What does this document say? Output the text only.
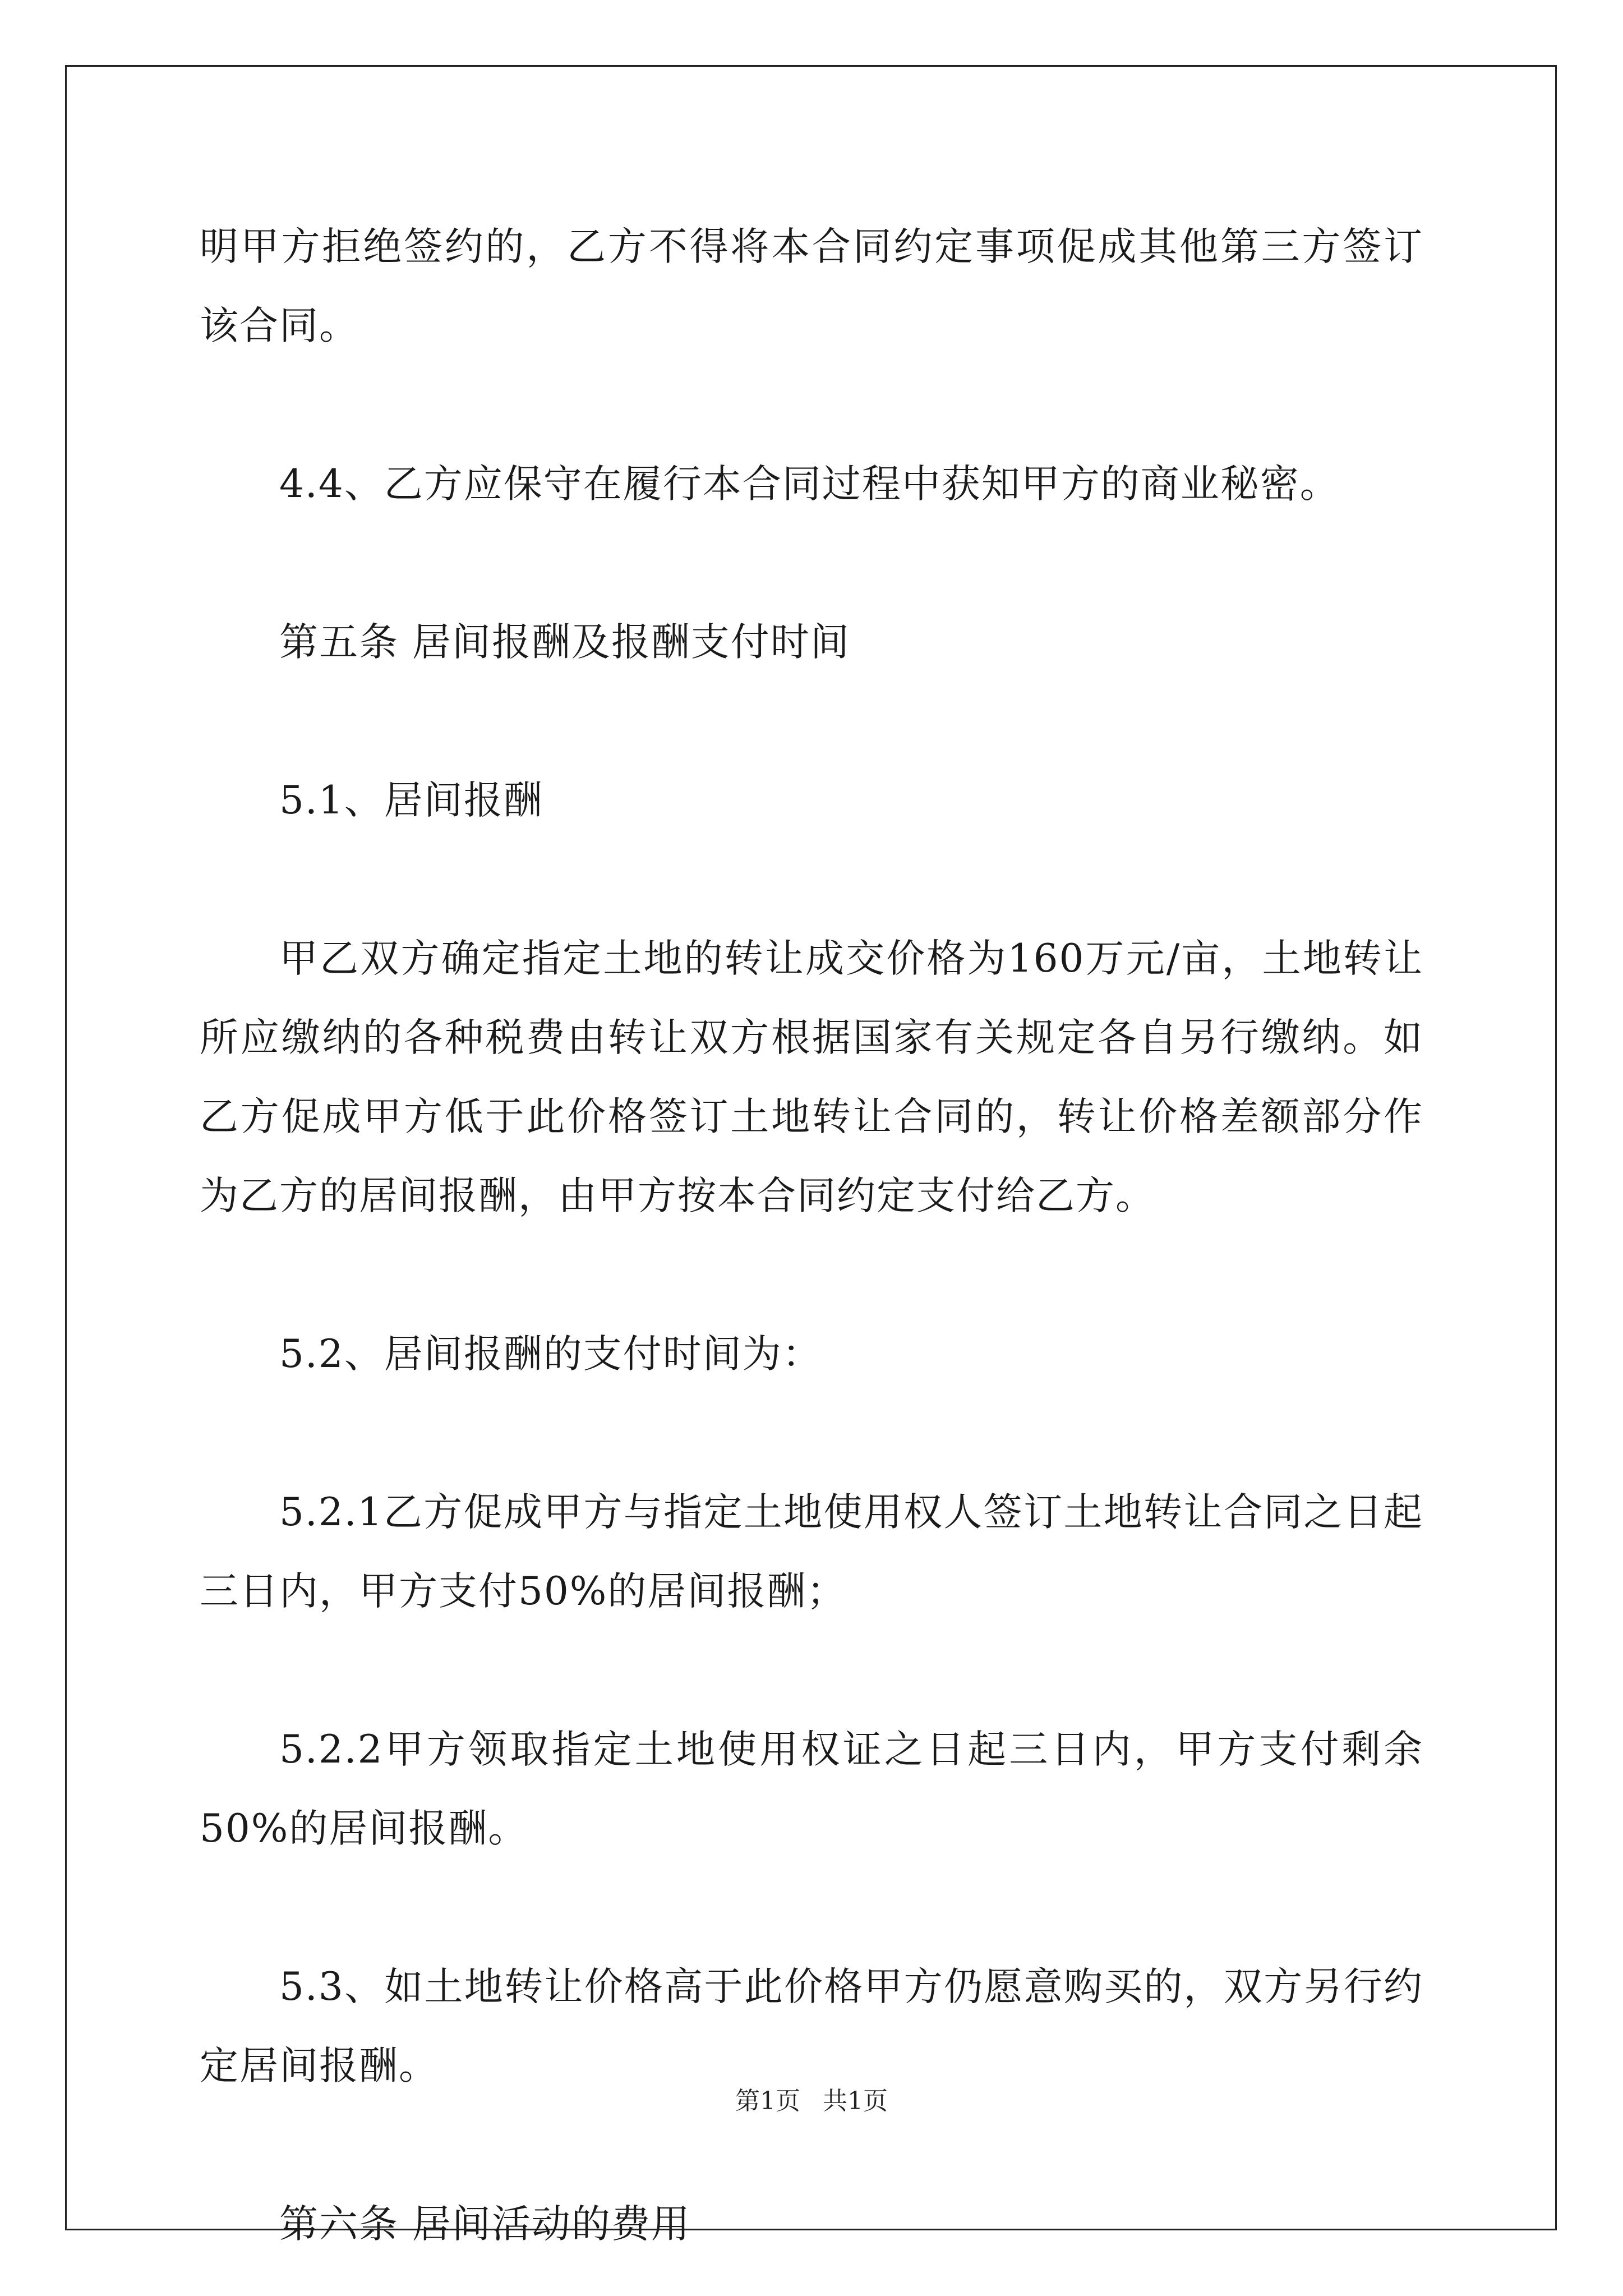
明甲方拒绝签约的，乙方不得将本合同约定事项促成其他第三方签订该合同。

4.4、乙方应保守在履行本合同过程中获知甲方的商业秘密。

第五条 居间报酬及报酬支付时间

5.1、居间报酬

甲乙双方确定指定土地的转让成交价格为160万元/亩，土地转让所应缴纳的各种税费由转让双方根据国家有关规定各自另行缴纳。如乙方促成甲方低于此价格签订土地转让合同的，转让价格差额部分作为乙方的居间报酬，由甲方按本合同约定支付给乙方。

5.2、居间报酬的支付时间为：

5.2.1乙方促成甲方与指定土地使用权人签订土地转让合同之日起三日内，甲方支付50%的居间报酬；

5.2.2甲方领取指定土地使用权证之日起三日内，甲方支付剩余50%的居间报酬。

5.3、如土地转让价格高于此价格甲方仍愿意购买的，双方另行约定居间报酬。

第六条 居间活动的费用

第1页 共1页
